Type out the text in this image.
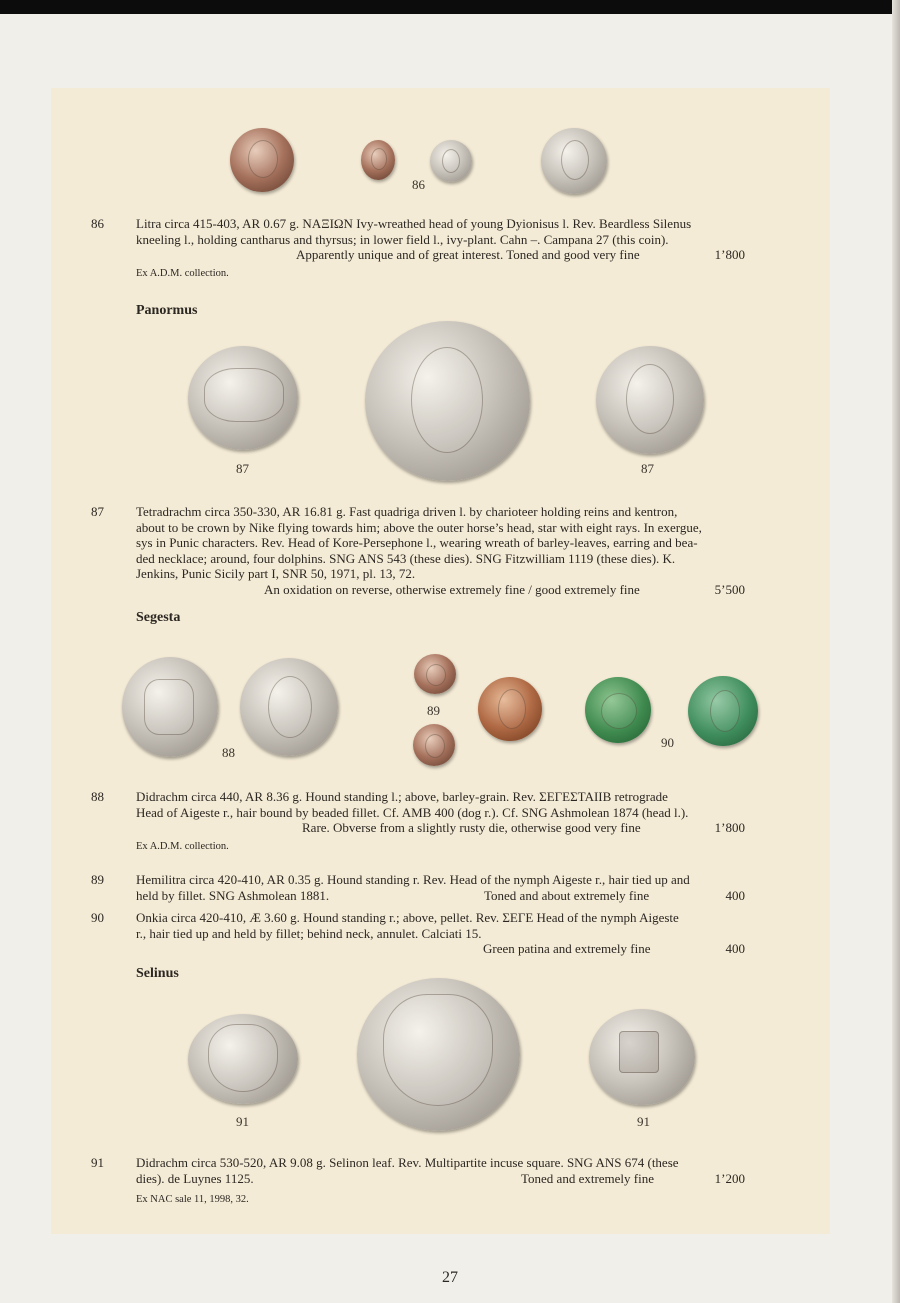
86
86 Litra circa 415-403, AR 0.67 g. ΝΑΞΙΩΝ Ivy-wreathed head of young Dyionisus l. Rev. Beardless Silenus
kneeling l., holding cantharus and thyrsus; in lower field l., ivy-plant. Cahn –. Campana 27 (this coin).
Apparently unique and of great interest. Toned and good very fine	1’800
Ex A.D.M. collection.
Panormus
87	87
87 Tetradrachm circa 350-330, AR 16.81 g. Fast quadriga driven l. by charioteer holding reins and kentron,
about to be crown by Nike flying towards him; above the outer horse’s head, star with eight rays. In exergue,
sys in Punic characters. Rev. Head of Kore-Persephone l., wearing wreath of barley-leaves, earring and bea-
ded necklace; around, four dolphins. SNG ANS 543 (these dies). SNG Fitzwilliam 1119 (these dies). K.
Jenkins, Punic Sicily part I, SNR 50, 1971, pl. 13, 72.
An oxidation on reverse, otherwise extremely fine / good extremely fine	5’500
Segesta
88
89
90
88 Didrachm circa 440, AR 8.36 g. Hound standing l.; above, barley-grain. Rev. ΣΕΓΕΣΤΑΙΙΒ retrograde
Head of Aigeste r., hair bound by beaded fillet. Cf. AMB 400 (dog r.). Cf. SNG Ashmolean 1874 (head l.).
Rare. Obverse from a slightly rusty die, otherwise good very fine	1’800
Ex A.D.M. collection.
89 Hemilitra circa 420-410, AR 0.35 g. Hound standing r. Rev. Head of the nymph Aigeste r., hair tied up and
held by fillet. SNG Ashmolean 1881.	Toned and about extremely fine	400
90 Onkia circa 420-410, Æ 3.60 g. Hound standing r.; above, pellet. Rev. ΣΕΓΕ Head of the nymph Aigeste
r., hair tied up and held by fillet; behind neck, annulet. Calciati 15.
Green patina and extremely fine	400
Selinus
91	91
91 Didrachm circa 530-520, AR 9.08 g. Selinon leaf. Rev. Multipartite incuse square. SNG ANS 674 (these
dies). de Luynes 1125.	Toned and extremely fine	1’200
Ex NAC sale 11, 1998, 32.
27
